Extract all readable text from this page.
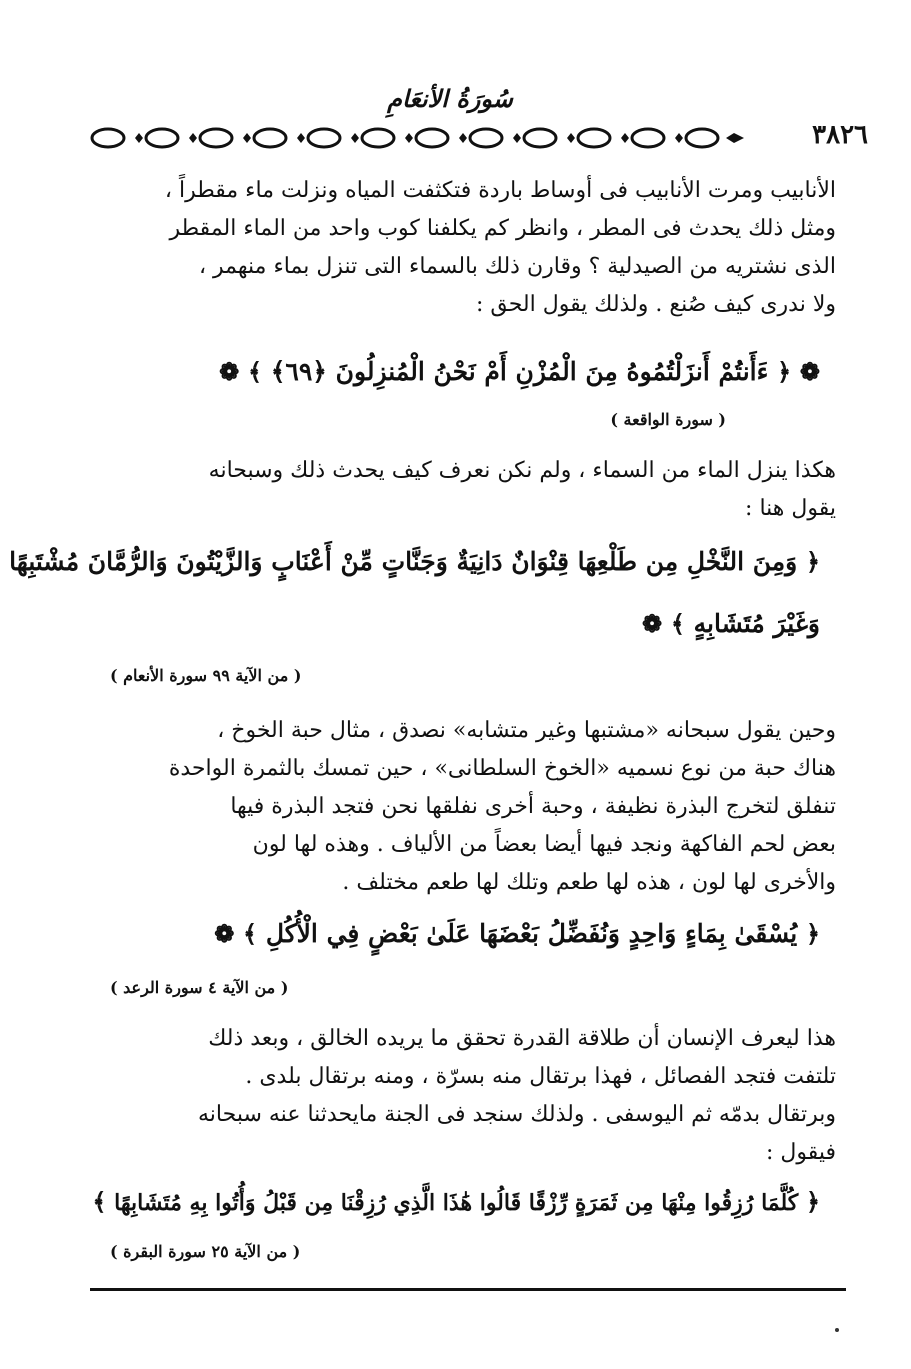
سُورَةُ الأنعَامِ
٣٨٢٦
الأنابيب ومرت الأنابيب فى أوساط باردة فتكثفت المياه ونزلت ماء مقطراً ،
ومثل ذلك يحدث فى المطر ، وانظر كم يكلفنا كوب واحد من الماء المقطر
الذى نشتريه من الصيدلية ؟ وقارن ذلك بالسماء التى تنزل بماء منهمر ،
ولا ندرى كيف صُنع . ولذلك يقول الحق :
❁ ﴿ ءَأَنتُمْ أَنزَلْتُمُوهُ مِنَ الْمُزْنِ أَمْ نَحْنُ الْمُنزِلُونَ ﴿٦٩﴾ ﴾ ❁
( سورة الواقعة )
هكذا ينزل الماء من السماء ، ولم نكن نعرف كيف يحدث ذلك وسبحانه
يقول هنا :
﴿ وَمِنَ النَّخْلِ مِن طَلْعِهَا قِنْوَانٌ دَانِيَةٌ وَجَنَّاتٍ مِّنْ أَعْنَابٍ وَالزَّيْتُونَ وَالرُّمَّانَ مُشْتَبِهًا
وَغَيْرَ مُتَشَابِهٍ ﴾ ❁
( من الآية ٩٩ سورة الأنعام )
وحين يقول سبحانه «مشتبها وغير متشابه» نصدق ، مثال حبة الخوخ ،
هناك حبة من نوع نسميه «الخوخ السلطانى» ، حين تمسك بالثمرة الواحدة
تنفلق لتخرج البذرة نظيفة ، وحبة أخرى نفلقها نحن فتجد البذرة فيها
بعض لحم الفاكهة ونجد فيها أيضا بعضاً من الألياف . وهذه لها لون
والأخرى لها لون ، هذه لها طعم وتلك لها طعم مختلف .
﴿ يُسْقَىٰ بِمَاءٍ وَاحِدٍ وَنُفَضِّلُ بَعْضَهَا عَلَىٰ بَعْضٍ فِي الْأُكُلِ ﴾ ❁
( من الآية ٤ سورة الرعد )
هذا ليعرف الإنسان أن طلاقة القدرة تحقق ما يريده الخالق ، وبعد ذلك
تلتفت فتجد الفصائل ، فهذا برتقال منه بسرّة ، ومنه برتقال بلدى .
وبرتقال بدمّه ثم اليوسفى . ولذلك سنجد فى الجنة مايحدثنا عنه سبحانه
فيقول :
﴿ كُلَّمَا رُزِقُوا مِنْهَا مِن ثَمَرَةٍ رِّزْقًا قَالُوا هَٰذَا الَّذِي رُزِقْنَا مِن قَبْلُ وَأُتُوا بِهِ مُتَشَابِهًا ﴾
( من الآية ٢٥ سورة البقرة )
